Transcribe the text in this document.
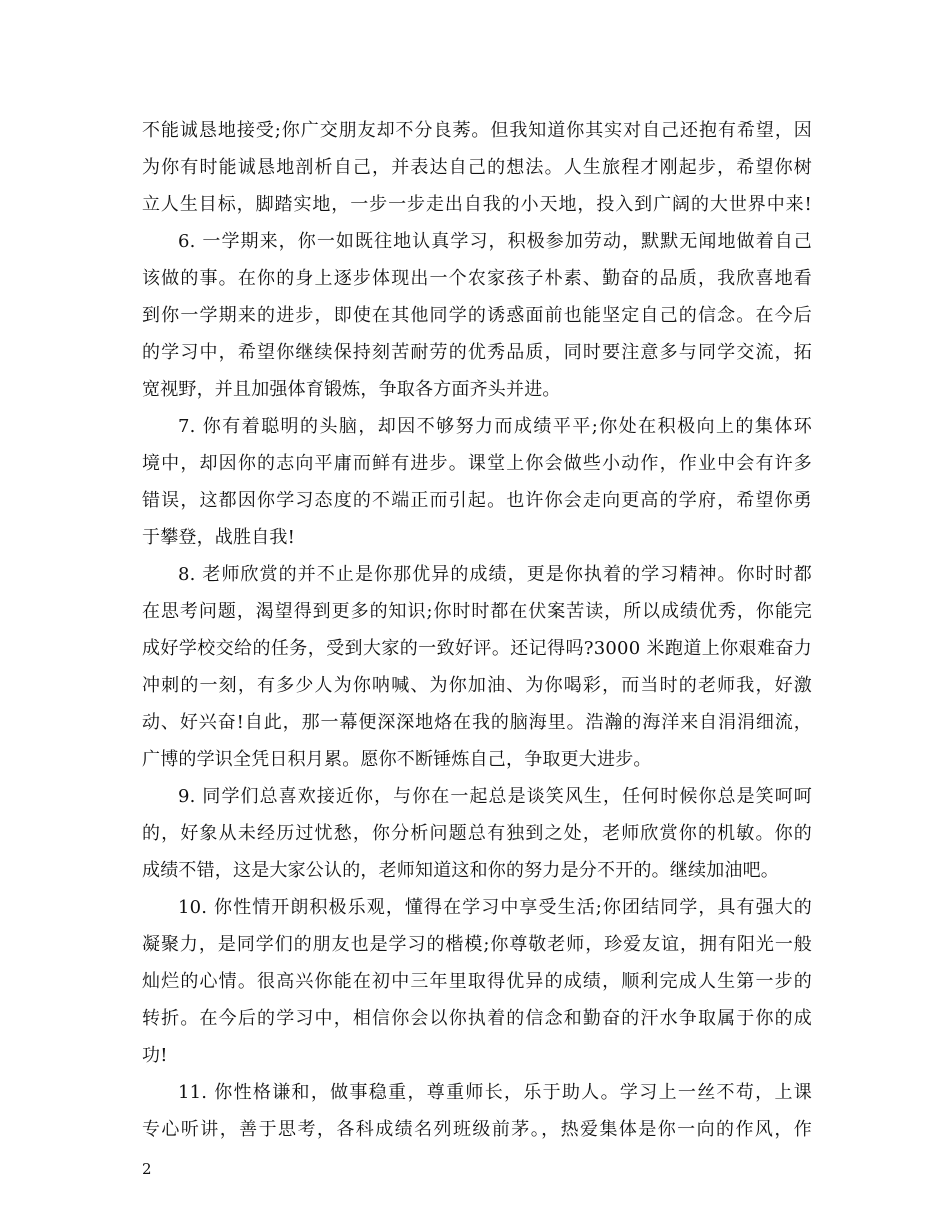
不能诚恳地接受;你广交朋友却不分良莠。但我知道你其实对自己还抱有希望，因
为你有时能诚恳地剖析自己，并表达自己的想法。人生旅程才刚起步，希望你树
立人生目标，脚踏实地，一步一步走出自我的小天地，投入到广阔的大世界中来!
6. 一学期来，你一如既往地认真学习，积极参加劳动，默默无闻地做着自己
该做的事。在你的身上逐步体现出一个农家孩子朴素、勤奋的品质，我欣喜地看
到你一学期来的进步，即使在其他同学的诱惑面前也能坚定自己的信念。在今后
的学习中，希望你继续保持刻苦耐劳的优秀品质，同时要注意多与同学交流，拓
宽视野，并且加强体育锻炼，争取各方面齐头并进。
7. 你有着聪明的头脑，却因不够努力而成绩平平;你处在积极向上的集体环
境中，却因你的志向平庸而鲜有进步。课堂上你会做些小动作，作业中会有许多
错误，这都因你学习态度的不端正而引起。也许你会走向更高的学府，希望你勇
于攀登，战胜自我!
8. 老师欣赏的并不止是你那优异的成绩，更是你执着的学习精神。你时时都
在思考问题，渴望得到更多的知识;你时时都在伏案苦读，所以成绩优秀，你能完
成好学校交给的任务，受到大家的一致好评。还记得吗?3000 米跑道上你艰难奋力
冲刺的一刻，有多少人为你呐喊、为你加油、为你喝彩，而当时的老师我，好激
动、好兴奋!自此，那一幕便深深地烙在我的脑海里。浩瀚的海洋来自涓涓细流，
广博的学识全凭日积月累。愿你不断锤炼自己，争取更大进步。
9. 同学们总喜欢接近你，与你在一起总是谈笑风生，任何时候你总是笑呵呵
的，好象从未经历过忧愁，你分析问题总有独到之处，老师欣赏你的机敏。你的
成绩不错，这是大家公认的，老师知道这和你的努力是分不开的。继续加油吧。
10. 你性情开朗积极乐观，懂得在学习中享受生活;你团结同学，具有强大的
凝聚力，是同学们的朋友也是学习的楷模;你尊敬老师，珍爱友谊，拥有阳光一般
灿烂的心情。很高兴你能在初中三年里取得优异的成绩，顺利完成人生第一步的
转折。在今后的学习中，相信你会以你执着的信念和勤奋的汗水争取属于你的成
功!
11. 你性格谦和，做事稳重，尊重师长，乐于助人。学习上一丝不苟，上课
专心听讲，善于思考，各科成绩名列班级前茅。，热爱集体是你一向的作风，作
2
